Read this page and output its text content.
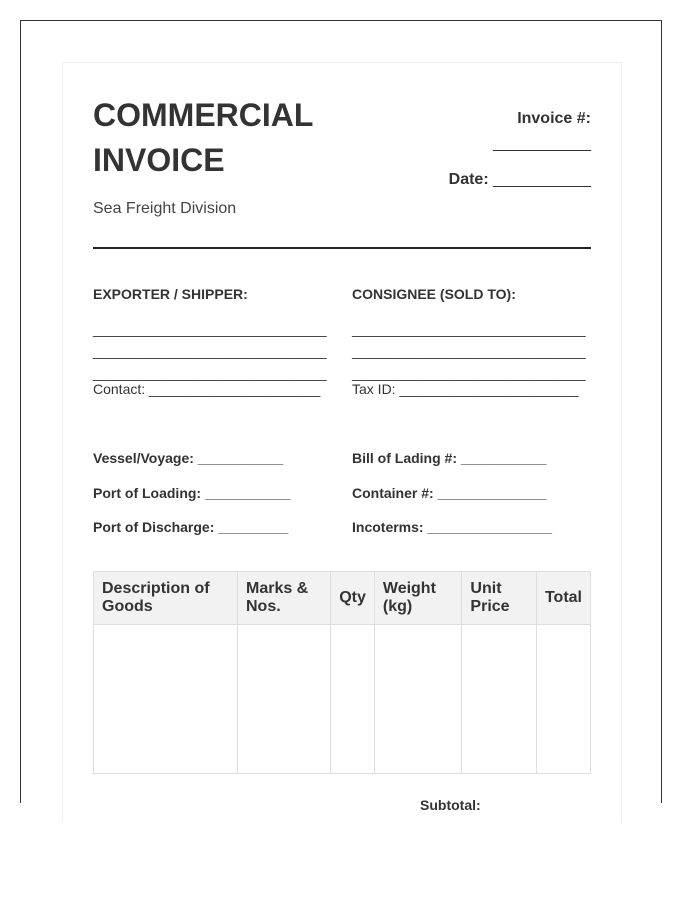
COMMERCIAL
INVOICE
Sea Freight Division
Invoice #:
___________
Date: ___________
EXPORTER / SHIPPER:
______________________________
______________________________
______________________________
Contact: ______________________
CONSIGNEE (SOLD TO):
______________________________
______________________________
______________________________
Tax ID: _______________________
Vessel/Voyage: ___________
Port of Loading: ___________
Port of Discharge: _________
Bill of Lading #: ___________
Container #: ______________
Incoterms: ________________
Description of Goods	Marks & Nos.	Qty	Weight (kg)	Unit Price	Total

Subtotal:
